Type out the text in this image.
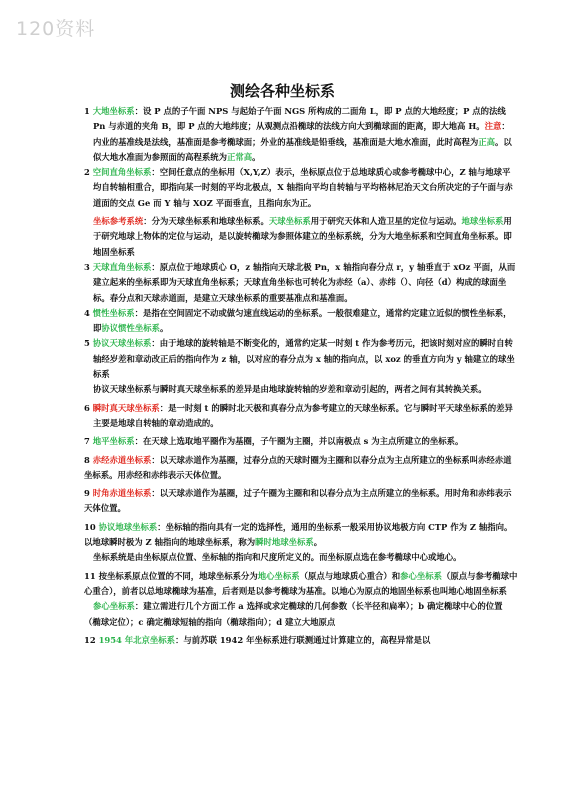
120资料
测绘各种坐标系

1 大地坐标系：设 P 点的子午面 NPS 与起始子午面 NGS 所构成的二面角 L，即 P 点的大地经度；P 点的法线 Pn 与赤道的夹角 B，即 P 点的大地纬度；从观测点沿椭球的法线方向大到椭球面的距离，即大地高 H。注意：内业的基准线是法线，基准面是参考椭球面；外业的基准线是铅垂线，基准面是大地水准面，此时高程为正高。以似大地水准面为参照面的高程系统为正常高。

2 空间直角坐标系：空间任意点的坐标用（X,Y,Z）表示，坐标原点位于总地球质心或参考椭球中心，Z 轴与地球平均自转轴相重合，即指向某一时刻的平均北极点，X 轴指向平均自转轴与平均格林尼治天文台所决定的子午面与赤道面的交点 Ge 而 Y 轴与 XOZ 平面垂直，且指向东为正。

坐标参考系统：分为天球坐标系和地球坐标系。天球坐标系用于研究天体和人造卫星的定位与运动。地球坐标系用于研究地球上物体的定位与运动，是以旋转椭球为参照体建立的坐标系统，分为大地坐标系和空间直角坐标系。即地固坐标系

3 天球直角坐标系：原点位于地球质心 O，z 轴指向天球北极 Pn，x 轴指向春分点 r，y 轴垂直于 xOz 平面，从而建立起来的坐标系即为天球直角坐标系；天球直角坐标也可转化为赤经（a）、赤纬（）、向径（d）构成的球面坐标。春分点和天球赤道面，是建立天球坐标系的重要基准点和基准面。

4 惯性坐标系：是指在空间固定不动或做匀速直线运动的坐标系。一般很难建立，通常约定建立近似的惯性坐标系，即协议惯性坐标系。

5 协议天球坐标系：由于地球的旋转轴是不断变化的，通常约定某一时刻 t 作为参考历元，把该时刻对应的瞬时自转轴经岁差和章动改正后的指向作为 z 轴，以对应的春分点为 x 轴的指向点，以 xoz 的垂直方向为 y 轴建立的球坐标系

协议天球坐标系与瞬时真天球坐标系的差异是由地球旋转轴的岁差和章动引起的，两者之间有其转换关系。

6 瞬时真天球坐标系：是一时刻 t 的瞬时北天极和真春分点为参考建立的天球坐标系。它与瞬时平天球坐标系的差异主要是地球自转轴的章动造成的。

7 地平坐标系：在天球上选取地平圈作为基圈，子午圈为主圈，并以南极点 s 为主点所建立的坐标系。

8 赤经赤道坐标系：以天球赤道作为基圈，过春分点的天球时圈为主圈和以春分点为主点所建立的坐标系叫赤经赤道坐标系。用赤经和赤纬表示天体位置。

9 时角赤道坐标系：以天球赤道作为基圈，过子午圈为主圈和和以春分点为主点所建立的坐标系。用时角和赤纬表示天体位置。

10 协议地球坐标系：坐标轴的指向具有一定的选择性，通用的坐标系一般采用协议地极方向 CTP 作为 Z 轴指向。以地球瞬时极为 Z 轴指向的地球坐标系，称为瞬时地球坐标系。

坐标系统是由坐标原点位置、坐标轴的指向和尺度所定义的。而坐标原点选在参考椭球中心或地心。

11 按坐标系原点位置的不同，地球坐标系分为地心坐标系（原点与地球质心重合）和参心坐标系（原点与参考椭球中心重合），前者以总地球椭球为基准，后者则是以参考椭球为基准。以地心为原点的地固坐标系也叫地心地固坐标系

参心坐标系：建立需进行几个方面工作 a 选择或求定椭球的几何参数（长半径和扁率）；b 确定椭球中心的位置（椭球定位）；c 确定椭球短轴的指向（椭球指向）；d 建立大地原点

12 1954 年北京坐标系：与前苏联 1942 年坐标系进行联测通过计算建立的，高程异常是以
